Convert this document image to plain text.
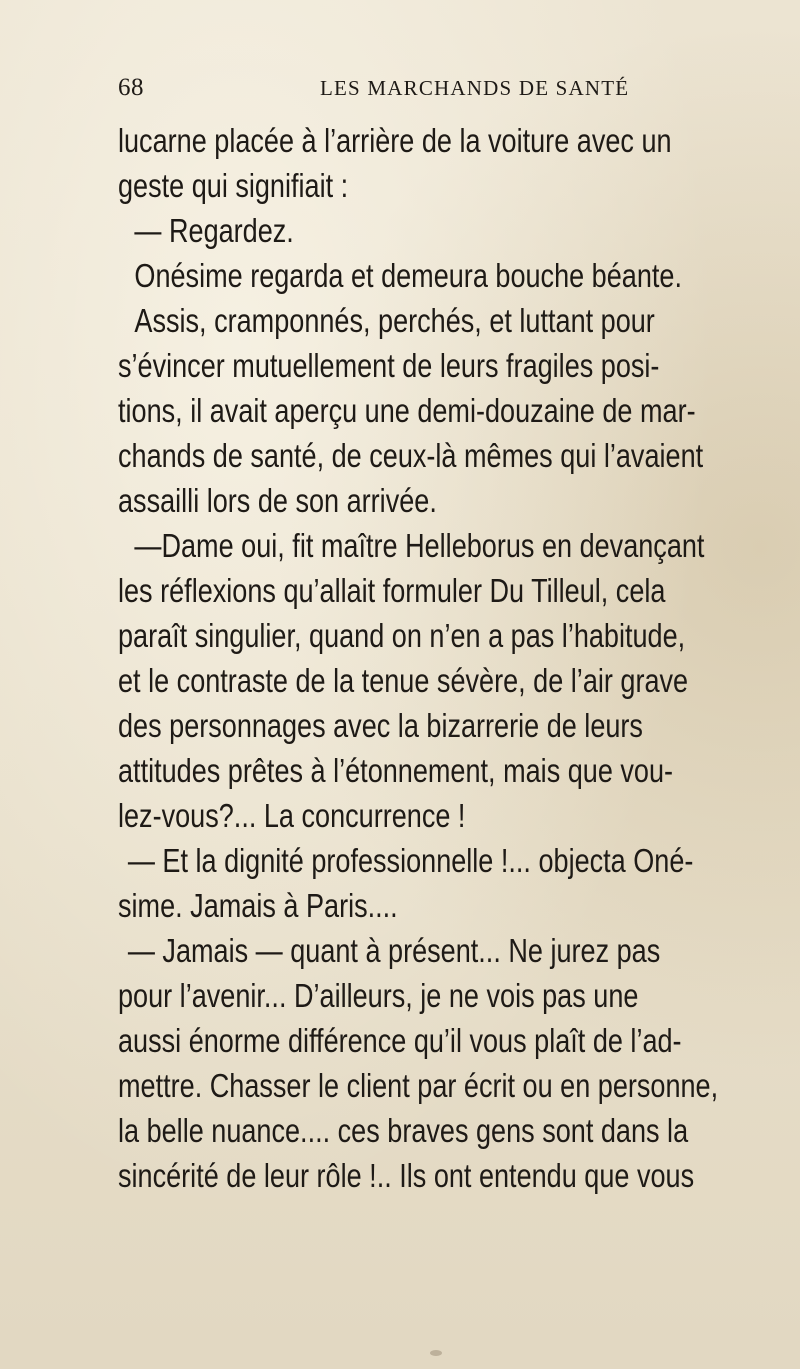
68	LES MARCHANDS DE SANTÉ
lucarne placée à l’arrière de la voiture avec un
geste qui signifiait :
— Regardez.
Onésime regarda et demeura bouche béante.
Assis, cramponnés, perchés, et luttant pour
s’évincer mutuellement de leurs fragiles posi-
tions, il avait aperçu une demi-douzaine de mar-
chands de santé, de ceux-là mêmes qui l’avaient
assailli lors de son arrivée.
—Dame oui, fit maître Helleborus en devançant
les réflexions qu’allait formuler Du Tilleul, cela
paraît singulier, quand on n’en a pas l’habitude,
et le contraste de la tenue sévère, de l’air grave
des personnages avec la bizarrerie de leurs
attitudes prêtes à l’étonnement, mais que vou-
lez-vous?... La concurrence !
— Et la dignité professionnelle !... objecta Oné-
sime. Jamais à Paris....
— Jamais — quant à présent... Ne jurez pas
pour l’avenir... D’ailleurs, je ne vois pas une
aussi énorme différence qu’il vous plaît de l’ad-
mettre. Chasser le client par écrit ou en personne,
la belle nuance.... ces braves gens sont dans la
sincérité de leur rôle !.. Ils ont entendu que vous
